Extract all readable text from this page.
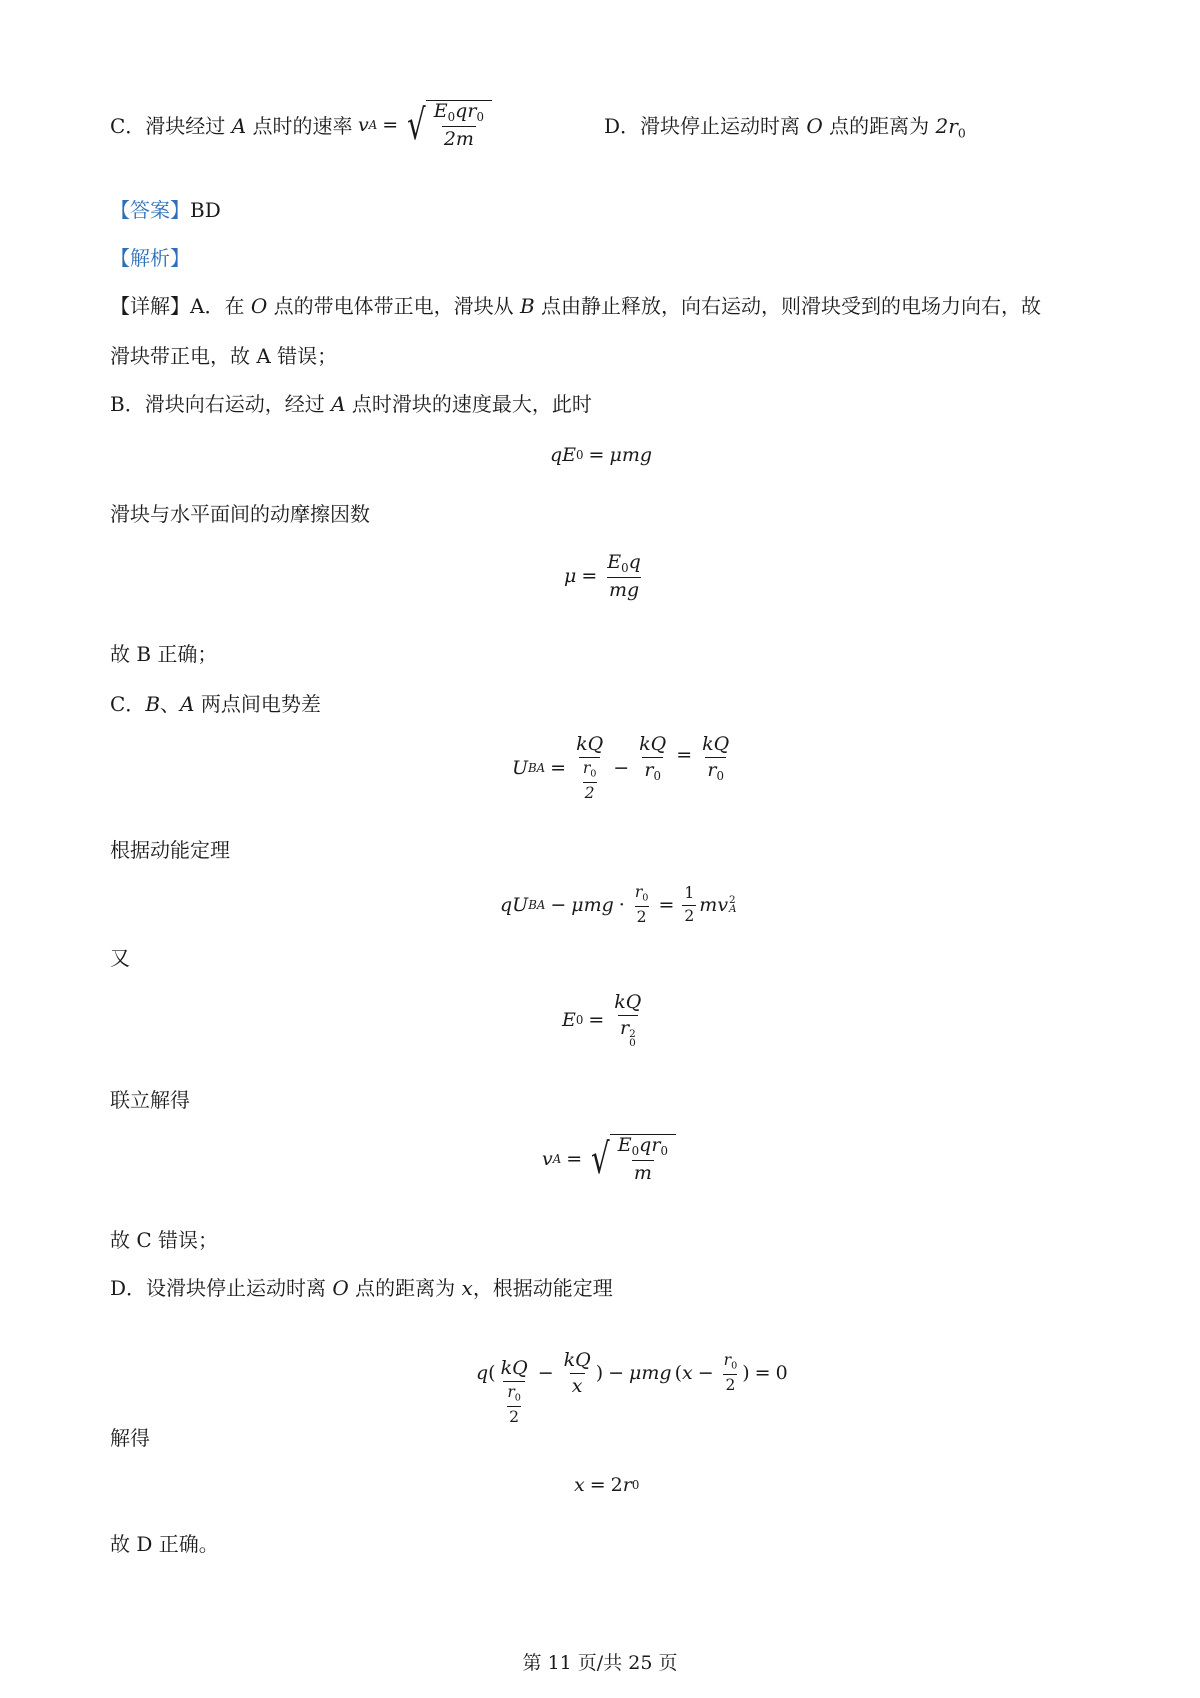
C．滑块经过 A 点时的速率 v A = √ $\frac{E_0qr_0}{2m}$	D．滑块停止运动时离 O 点的距离为 $2r_0$
【答案】BD
【解析】
【详解】A．在 O 点的带电体带正电，滑块从 B 点由静止释放，向右运动，则滑块受到的电场力向右，故
滑块带正电，故 A 错误；
B．滑块向右运动，经过 A 点时滑块的速度最大，此时
q E 0 = μmg
滑块与水平面间的动摩擦因数
$\mu = \frac{E_0q}{mg}$
故 B 正确；
C．B、A 两点间电势差
U BA = $\frac{kQ}{\frac{r_0}{2}} - \frac{kQ}{r_0} = \frac{kQ}{r_0}$
根据动能定理
q U BA − $\mu mg \cdot \frac{r_0}{2} = \frac{1}{2}$ m v 2
A
又
E 0 = kQ
r 2
0
联立解得
v A = √ $\frac{E_0qr_0}{m}$
故 C 错误；
D．设滑块停止运动时离 O 点的距离为 x，根据动能定理
q ( $\frac{kQ}{\frac{r_0}{2}} - \frac{kQ}{x}$ ) − μmg ( $x - \frac{r_0}{2}$ ) = 0
解得
x = 2 r 0
故 D 正确。
第 11 页/共 25 页
